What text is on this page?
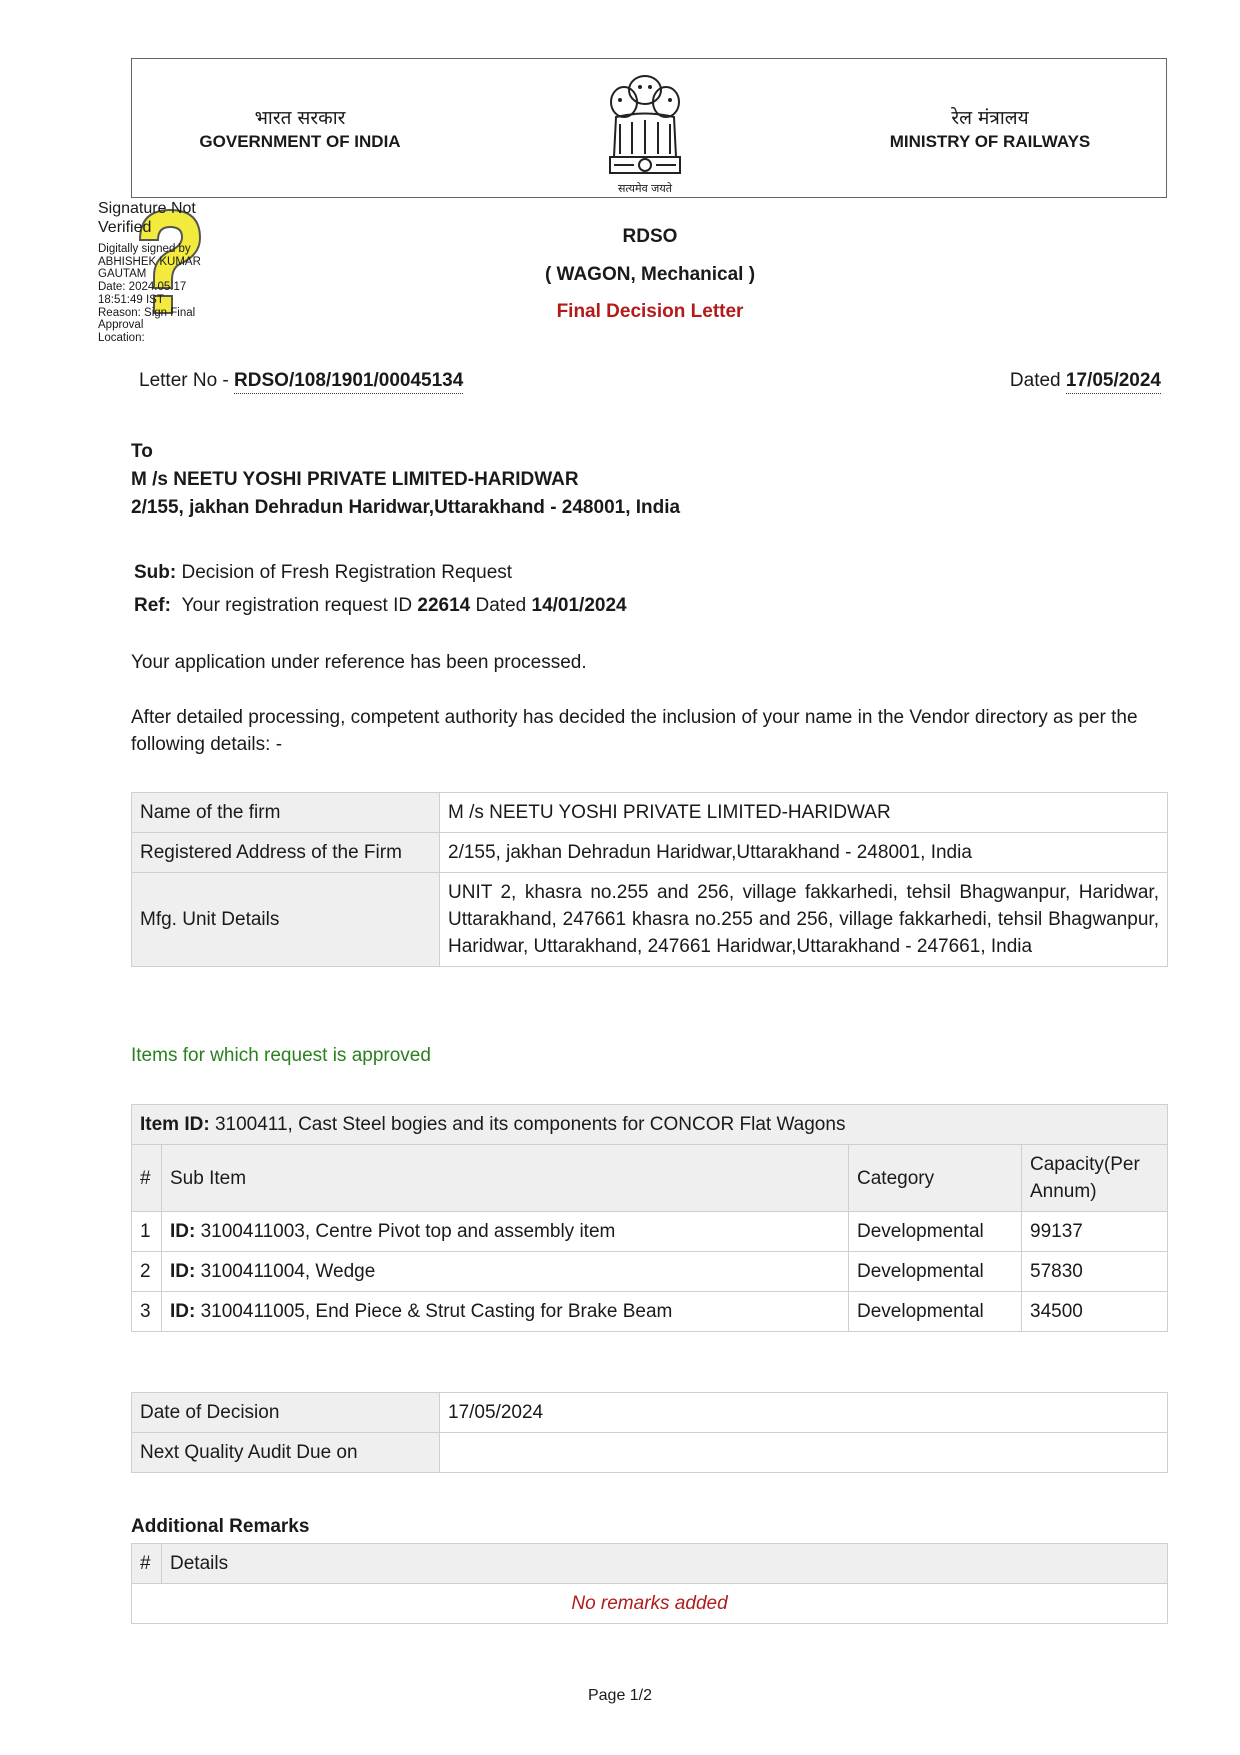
भारत सरकार
GOVERNMENT OF INDIA
रेल मंत्रालय
MINISTRY OF RAILWAYS
सत्यमेव जयते
Signature Not Verified
Digitally signed by
ABHISHEK KUMAR GAUTAM
Date: 2024.05.17 18:51:49 IST
Reason: Sign Final Approval
Location:
RDSO
( WAGON, Mechanical )
Final Decision Letter
Letter No - RDSO/108/1901/00045134	Dated 17/05/2024
To
M /s NEETU YOSHI PRIVATE LIMITED-HARIDWAR
2/155, jakhan Dehradun Haridwar,Uttarakhand - 248001, India
Sub: Decision of Fresh Registration Request
Ref: Your registration request ID 22614 Dated 14/01/2024
Your application under reference has been processed.
After detailed processing, competent authority has decided the inclusion of your name in the Vendor directory as per the following details: -
Name of the firm	M /s NEETU YOSHI PRIVATE LIMITED-HARIDWAR
Registered Address of the Firm	2/155, jakhan Dehradun Haridwar,Uttarakhand - 248001, India
Mfg. Unit Details	UNIT 2, khasra no.255 and 256, village fakkarhedi, tehsil Bhagwanpur, Haridwar, Uttarakhand, 247661 khasra no.255 and 256, village fakkarhedi, tehsil Bhagwanpur, Haridwar, Uttarakhand, 247661 Haridwar,Uttarakhand - 247661, India
Items for which request is approved
Item ID: 3100411, Cast Steel bogies and its components for CONCOR Flat Wagons			
#	Sub Item	Category	Capacity(Per Annum)
1	ID: 3100411003, Centre Pivot top and assembly item	Developmental	99137
2	ID: 3100411004, Wedge	Developmental	57830
3	ID: 3100411005, End Piece & Strut Casting for Brake Beam	Developmental	34500
Date of Decision	17/05/2024
Next Quality Audit Due on	
Additional Remarks
#	Details
No remarks added
Page 1/2
